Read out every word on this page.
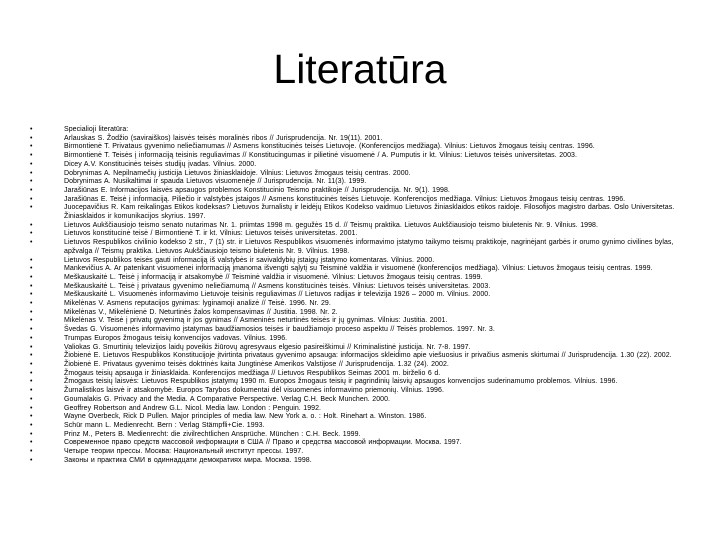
Literatūra
•	Specialioji literatūra:
•	Arlauskas S. Žodžio (saviraiškos) laisvės teisės moralinės ribos // Jurisprudencija. Nr. 19(11). 2001.
•	Birmontienė T. Privataus gyvenimo neliečiamumas // Asmens konstitucinės teisės Lietuvoje. (Konferencijos medžiaga). Vilnius: Lietuvos žmogaus teisių centras. 1996.
•	Birmontienė T. Teisės į informaciją teisinis reguliavimas // Konstitucingumas ir pilietinė visuomenė / A. Pumputis ir kt. Vilnius: Lietuvos teisės universitetas. 2003.
•	Dicey A.V. Konstitucinės teisės studijų įvadas. Vilnius. 2000.
•	Dobrynimas A. Nepilnamečių justicija Lietuvos žiniasklaidoje. Vilnius: Lietuvos žmogaus teisių centras. 2000.
•	Dobrynimas A. Nusikaltimai ir spauda Lietuvos visuomenėje // Jurisprudencija. Nr. 11(3). 1999.
•	Jarašiūnas E. Informacijos laisvės apsaugos problemos Konstitucinio Teismo praktikoje // Jurisprudencija. Nr. 9(1). 1998.
•	Jarašiūnas E. Teisė į informaciją. Piliečio ir valstybės įstaigos // Asmens konstitucinės teisės Lietuvoje. Konferencijos medžiaga. Vilnius: Lietuvos žmogaus teisių centras. 1996.
•	Juocepavičius R. Kam reikalingas Etikos kodeksas? Lietuvos žurnalistų ir leidėjų Etikos Kodekso vaidmuo Lietuvos žiniasklaidos etikos raidoje. Filosofijos magistro darbas. Oslo Universitetas. Žiniasklaidos ir komunikacijos skyrius. 1997.
•	Lietuvos Aukščiausiojo teismo senato nutarimas Nr. 1. priimtas 1998 m. gegužės 15 d. // Teismų praktika. Lietuvos Aukščiausiojo teismo biuletenis Nr. 9. Vilnius. 1998.
•	Lietuvos konstitucinė teisė / Birmontienė T. ir kt. Vilnius: Lietuvos teisės universitetas. 2001.
•	Lietuvos Respublikos civilinio kodekso 2 str., 7 (1) str. ir Lietuvos Respublikos visuomenės informavimo įstatymo taikymo teismų praktikoje, nagrinėjant garbės ir orumo gynimo civilines bylas, apžvalga // Teismų praktika. Lietuvos Aukščiausiojo teismo biuletenis Nr. 9. Vilnius. 1998.
•	Lietuvos Respublikos teisės gauti informaciją iš valstybės ir savivaldybių įstaigų įstatymo komentaras. Vilnius. 2000.
•	Mankevičius A. Ar patenkant visuomenei informaciją įmanoma išvengti sąlytį su Teisminė valdžia ir visuomenė (konferencijos medžiaga). Vilnius: Lietuvos žmogaus teisių centras. 1999.
•	Meškauskaitė L. Teisė į informaciją ir atsakomybė // Teisminė valdžia ir visuomenė. Vilnius: Lietuvos žmogaus teisių centras. 1999.
•	Meškauskaitė L. Teisė į privataus gyvenimo neliečiamumą // Asmens konstitucinės teisės. Vilnius: Lietuvos teisės universitetas. 2003.
•	Meškauskaitė L. Visuomenės informavimo Lietuvoje teisinis reguliavimas // Lietuvos radijas ir televizija 1926 – 2000 m. Vilnius. 2000.
•	Mikelėnas V. Asmens reputacijos gynimas: lyginamoji analizė // Teisė. 1996. Nr. 29.
•	Mikelėnas V., Mikelėnienė D. Neturtinės žalos kompensavimas // Justitia. 1998. Nr. 2.
•	Mikelėnas V. Teisė į privatų gyvenimą ir jos gynimas // Asmeninės neturtinės teisės ir jų gynimas. Vilnius: Justitia. 2001.
•	Švedas G. Visuomenės informavimo įstatymas baudžiamosios teisės ir baudžiamojo proceso aspektu // Teisės problemos. 1997. Nr. 3.
•	Trumpas Europos žmogaus teisių konvencijos vadovas. Vilnius. 1996.
•	Valiokas G. Smurtinių televizijos laidų poveikis žiūrovų agresyvaus elgesio pasireiškimui // Kriminalistinė justicija. Nr. 7-8. 1997.
•	Žiobienė E. Lietuvos Respublikos Konstitucijoje įtvirtinta privataus gyvenimo apsauga: informacijos skleidimo apie viešuosius ir privačius asmenis skirtumai // Jurisprudencija. 1.30 (22). 2002.
•	Žiobienė E. Privataus gyvenimo teisės doktrinės kaita Jungtinėse Amerikos Valstijose // Jurisprudencija. 1.32 (24). 2002.
•	Žmogaus teisių apsauga ir žiniasklaida. Konferencijos medžiaga // Lietuvos Respublikos Seimas 2001 m. birželio 6 d.
•	Žmogaus teisių laisvės: Lietuvos Respublikos įstatymų 1990 m. Europos žmogaus teisių ir pagrindinių laisvių apsaugos konvencijos suderinamumo problemos. Vilnius. 1996.
•	Žurnalistikos laisvė ir atsakomybė. Europos Tarybos dokumentai dėl visuomenės informavimo priemonių. Vilnius. 1996.
•	Goumalakis G. Privacy and the Media. A Comparative Perspective. Verlag C.H. Beck Munchen. 2000.
•	Geoffrey Robertson and Andrew G.L. Nicol. Media law. London : Penguin. 1992.
•	Wayne Overbeck, Rick D Pullen. Major principles of media law. New York a. o. : Holt. Rinehart a. Winston. 1986.
•	Schür mann L. Medienrecht. Bern : Verlag Stämpfli+Cie. 1993.
•	Prinz M., Peters B. Medienrecht: die zivilrechtlichen Ansprüche. München : C.H. Beck. 1999.
•	Современное право средств массовой информации в США // Право и средства массовой информации. Москва. 1997.
•	Четыре теории прессы. Москва: Национальный институт прессы. 1997.
•	Законы и практика СМИ в одиннадцати демократиях мира. Москва. 1998.
